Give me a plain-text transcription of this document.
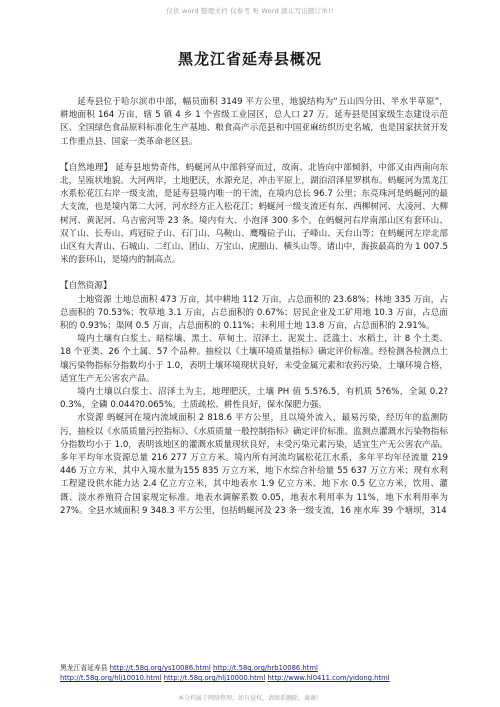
仅供 word 整理文档 仅参考 听 Word 就让写出随订单!!
黑龙江省延寿县概况

延寿县位于哈尔滨市中部，幅员面积 3149 平方公里，地貌结构为“五山四分田、半水半草原”，耕地面积 164 万亩，辖 5 镇 4 乡 1 个省级工业园区，总人口 27 万。延寿县是国家级生态建设示范区、全国绿色食品原料标准化生产基地、粮食高产示范县和中国亚麻纺织历史名城，也是国家扶贫开发工作重点县、国家一类革命老区县。

【自然地理】 延寿县地势奇伟，蚂蜒河从中部斜穿而过，故南、北皆向中部倾斜，中部又由西南向东北，呈瓯状地貌。大河两岸，土地肥沃，水源充足，冲击平原上，湖泊沼泽星罗棋布。蚂蜒河为黑龙江水系松花江右岸一级支流，是延寿县境内唯一的干流，在境内总长 96.7 公里；东亮珠河是蚂蜒河的最大支流，也是境内第二大河，河水经方正入松花江；蚂蜒河一级支流还有东、西柳树河、大凌河、大柳树河、黄泥河、乌吉密河等 23 条。境内有大、小泡泽 300 多个。在蚂蜒河右岸南部山区有套环山、双丫山、长寿山、鸡冠砬子山、石门山、乌鞍山、鹰嘴砬子山、子峰山、天台山等；在蚂蜒河左岸北部山区有大青山、石城山、二红山、团山、万宝山、虎圈山、横头山等。诸山中，海拔最高的为 1 007.5 米的套环山，是境内的制高点。

【自然资源】

土地资源 土地总面积 473 万亩，其中耕地 112 万亩，占总面积的 23.68%；林地 335 万亩，占总面积的 70.53%；牧草地 3.1 万亩，占总面积的 0.67%；居民企业及工矿用地 10.3 万亩，占总面积的 0.93%；渠网 0.5 万亩，占总面积的 0.11%；未利用土地 13.8 万亩，占总面积的 2.91%。

境内土壤有白浆土、暗棕壤、黑土、草甸土、沼泽土、泥炭土、泛滥土、水稻土，计 8 个土类、18 个亚类、26 个土属、57 个品种。抽检以《土壤环境质量指标》确定评价标准。经检测各检测点土壤污染物指标分指数均小于 1.0，表明土壤环境现状良好，未受金属元素和农药污染，土壤环境合格，适宜生产无公害农产品。

境内土壤以白浆土、沼泽土为主，地理肥沃，土壤 PH 值 5.5?6.5，有机质 5?6%，全氮 0.2?0.3%，全磷 0.044?0.065%。土质疏松、耕性良好，保水保肥力强。

水资源 蚂蜒河在境内流域面积 2 818.6 平方公里，且以境外流入，最易污染，经历年的监测防污，抽检以《水质质量污控指标》、《水质质量一般控制指标》确定评价标准。监测点灌溉水污染物指标分指数均小于 1.0，表明该地区的灌溉水质量现状良好，未受污染元素污染，适宜生产无公害农产品。多年平均年水资源总量 216 277 万立方米。境内所有河流均属松花江水系，多年平均年径流量 219 446 万立方米，其中入境水量为155 835 万立方米，地下水综合补给量 55 637 万立方米；现有水利工程建设供水能力达 2.4 亿立方立米，其中地表水 1.9 亿立方米、地下水 0.5 亿立方米，饮用、灌溉、淡水养殖符合国家规定标准。地表水调解系数 0.05，地表水利用率为 11%，地下水利用率为 27%。全县水域面积 9 348.3 平方公里，包括蚂蜒河及 23 条一级支流，16 座水库 39 个塘坝，314

黑龙江省延寿县 http://t.58q.org/ys10086.html http://t.58q.org/hrb10086.html
http://t.58q.org/hlj10010.html http://t.58q.org/hlj10000.html http://www.hl0411.com/yidong.html
本分档属于网络整理，如有侵权，请联系删除，谢谢！
